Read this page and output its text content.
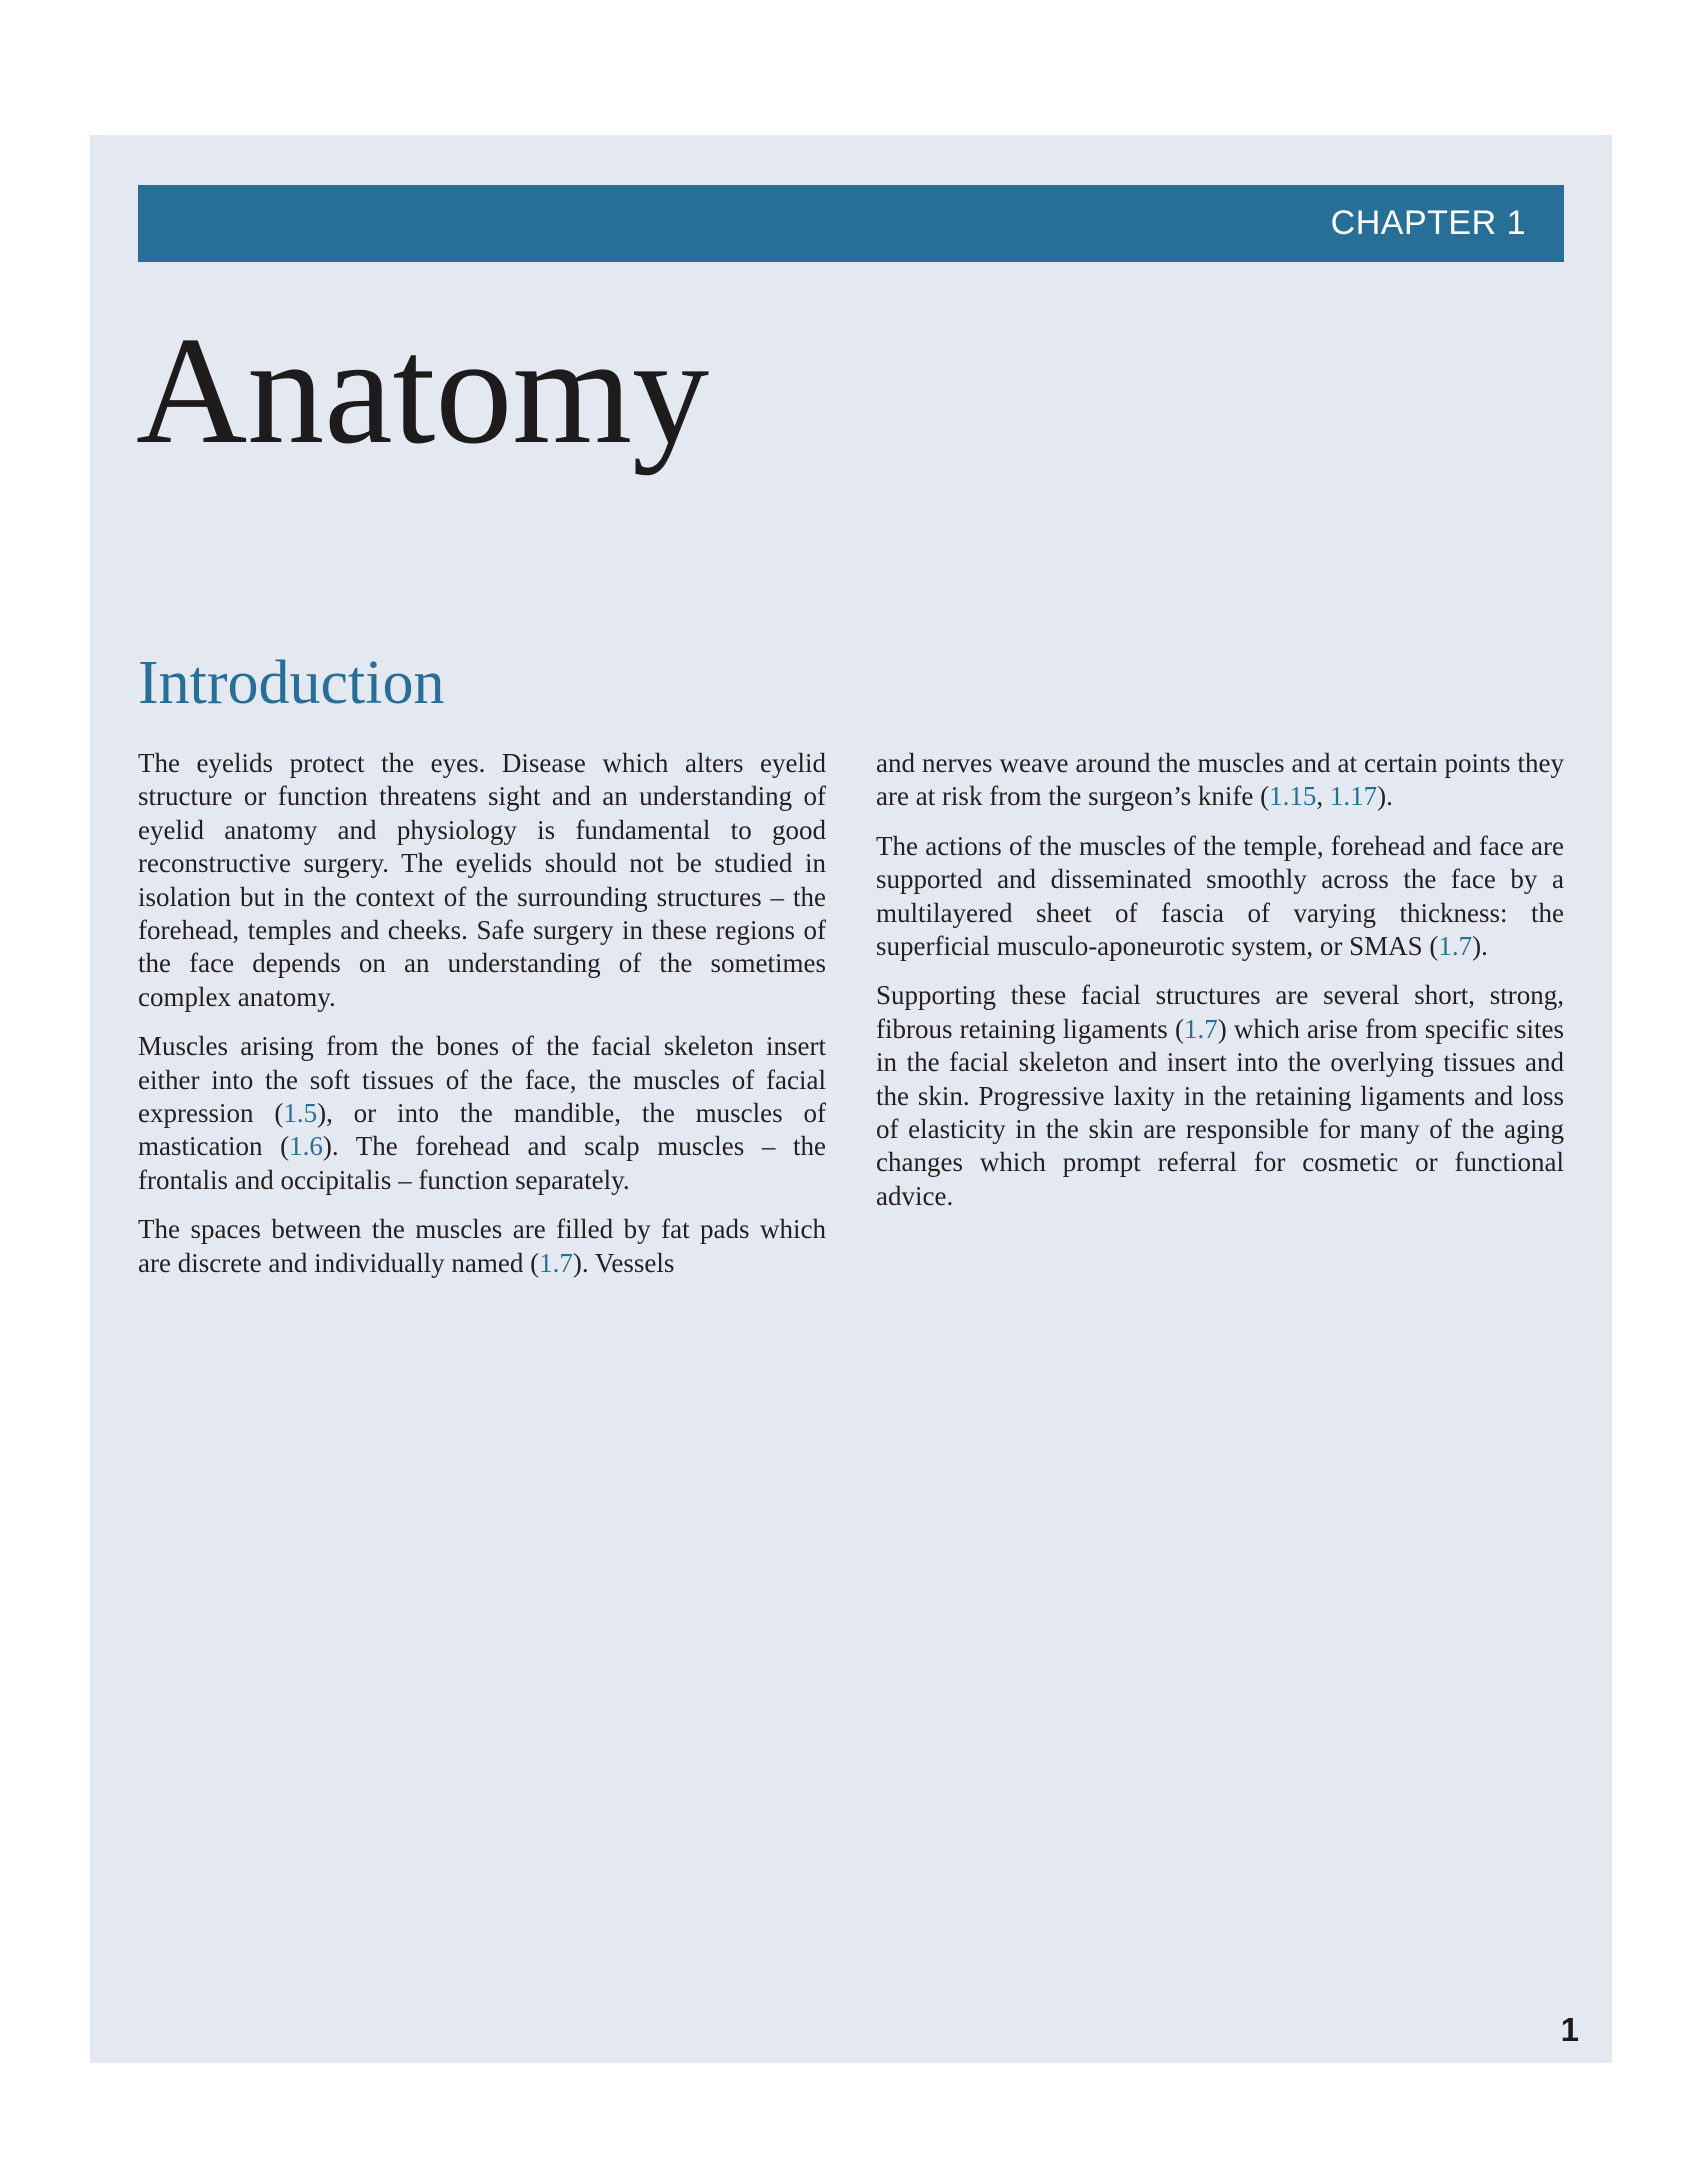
CHAPTER 1
Anatomy
Introduction

The eyelids protect the eyes. Disease which alters eyelid structure or function threatens sight and an understanding of eyelid anatomy and physiology is fundamental to good reconstructive surgery. The eyelids should not be studied in isolation but in the context of the surrounding structures – the forehead, temples and cheeks. Safe surgery in these regions of the face depends on an understanding of the sometimes complex anatomy.

Muscles arising from the bones of the facial skeleton insert either into the soft tissues of the face, the muscles of facial expression (1.5), or into the mandible, the muscles of mastication (1.6). The forehead and scalp muscles – the frontalis and occipitalis – function separately.

The spaces between the muscles are filled by fat pads which are discrete and individually named (1.7). Vessels

and nerves weave around the muscles and at certain points they are at risk from the surgeon’s knife (1.15, 1.17).

The actions of the muscles of the temple, forehead and face are supported and disseminated smoothly across the face by a multilayered sheet of fascia of varying thickness: the superficial musculo-aponeurotic system, or SMAS (1.7).

Supporting these facial structures are several short, strong, fibrous retaining ligaments (1.7) which arise from specific sites in the facial skeleton and insert into the overlying tissues and the skin. Progressive laxity in the retaining ligaments and loss of elasticity in the skin are responsible for many of the aging changes which prompt referral for cosmetic or functional advice.

1
